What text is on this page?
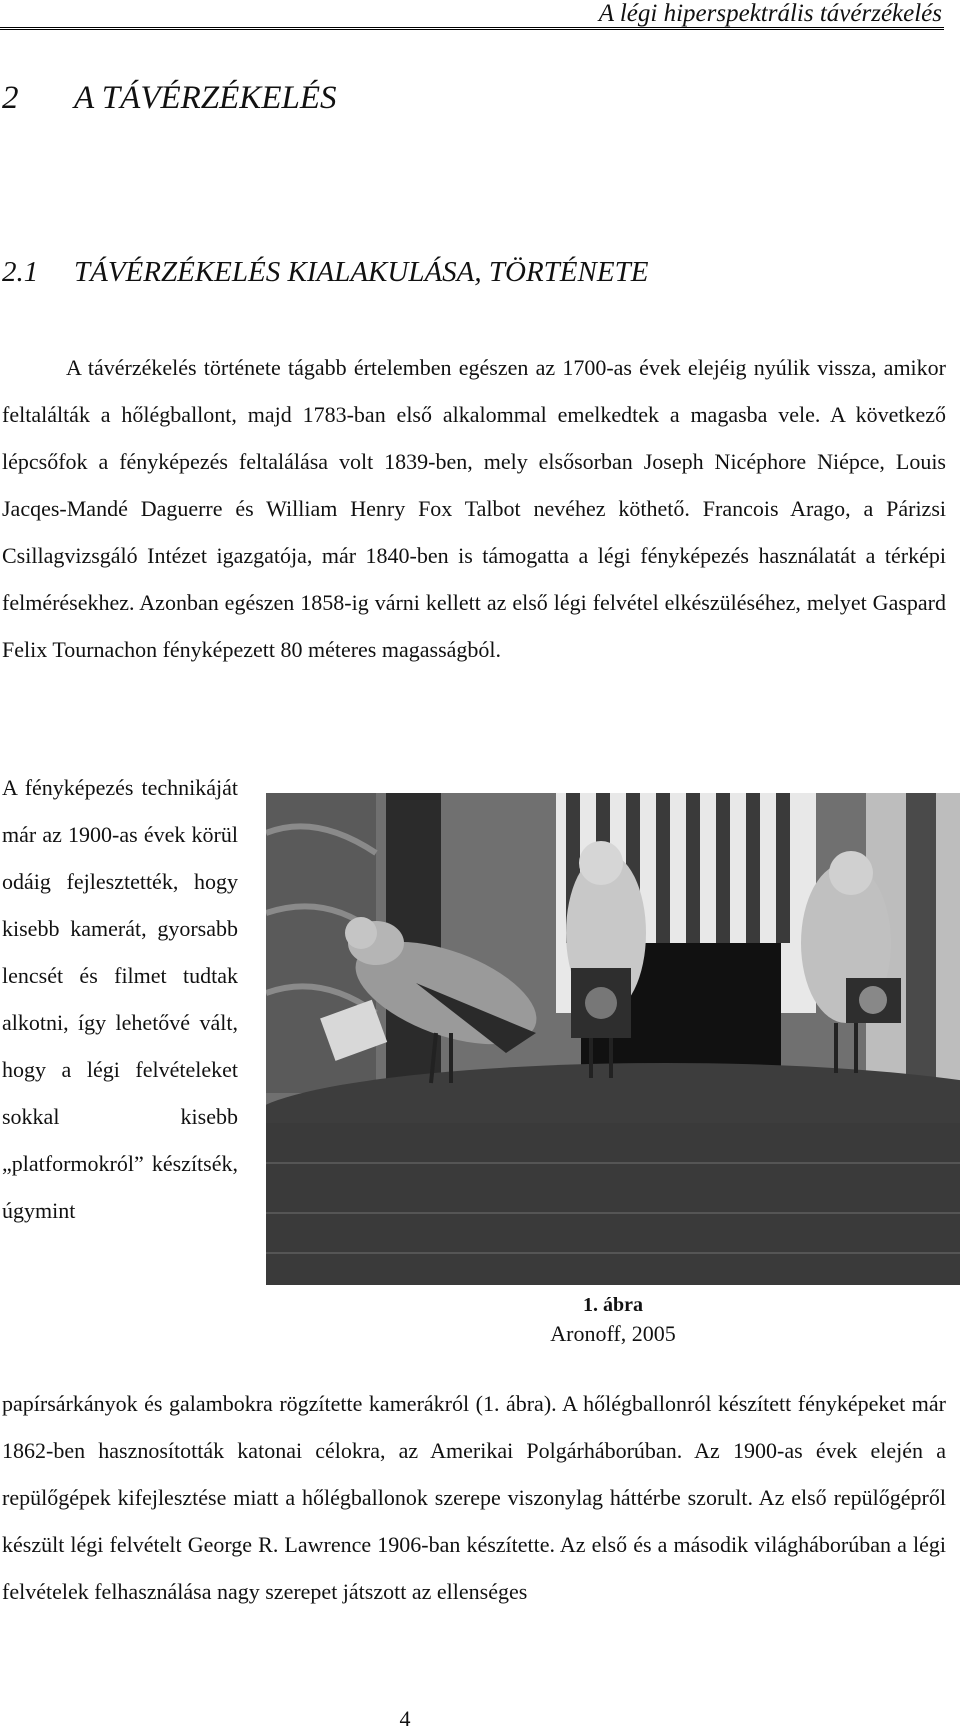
A légi hiperspektrális távérzékelés
2 A TÁVÉRZÉKELÉS
2.1 TÁVÉRZÉKELÉS KIALAKULÁSA, TÖRTÉNETE

A távérzékelés története tágabb értelemben egészen az 1700-as évek elejéig nyúlik vissza, amikor feltalálták a hőlégballont, majd 1783-ban első alkalommal emelkedtek a magasba vele. A következő lépcsőfok a fényképezés feltalálása volt 1839-ben, mely elsősorban Joseph Nicéphore Niépce, Louis Jacqes-Mandé Daguerre és William Henry Fox Talbot nevéhez köthető. Francois Arago, a Párizsi Csillagvizsgáló Intézet igazgatója, már 1840-ben is támogatta a légi fényképezés használatát a térképi felmérésekhez. Azonban egészen 1858-ig várni kellett az első légi felvétel elkészüléséhez, melyet Gaspard Felix Tournachon fényképezett 80 méteres magasságból.

A fényképezés technikáját már az 1900-as évek körül odáig fejlesztették, hogy kisebb kamerát, gyorsabb lencsét és filmet tudtak alkotni, így lehetővé vált, hogy a légi felvételeket sokkal kisebb „platformokról” készítsék, úgymint

1. ábra
Aronoff, 2005

papírsárkányok és galambokra rögzítette kamerákról (1. ábra). A hőlégballonról készített fényképeket már 1862-ben hasznosították katonai célokra, az Amerikai Polgárháborúban. Az 1900-as évek elején a repülőgépek kifejlesztése miatt a hőlégballonok szerepe viszonylag háttérbe szorult. Az első repülőgépről készült légi felvételt George R. Lawrence 1906-ban készítette. Az első és a második világháborúban a légi felvételek felhasználása nagy szerepet játszott az ellenséges

4
